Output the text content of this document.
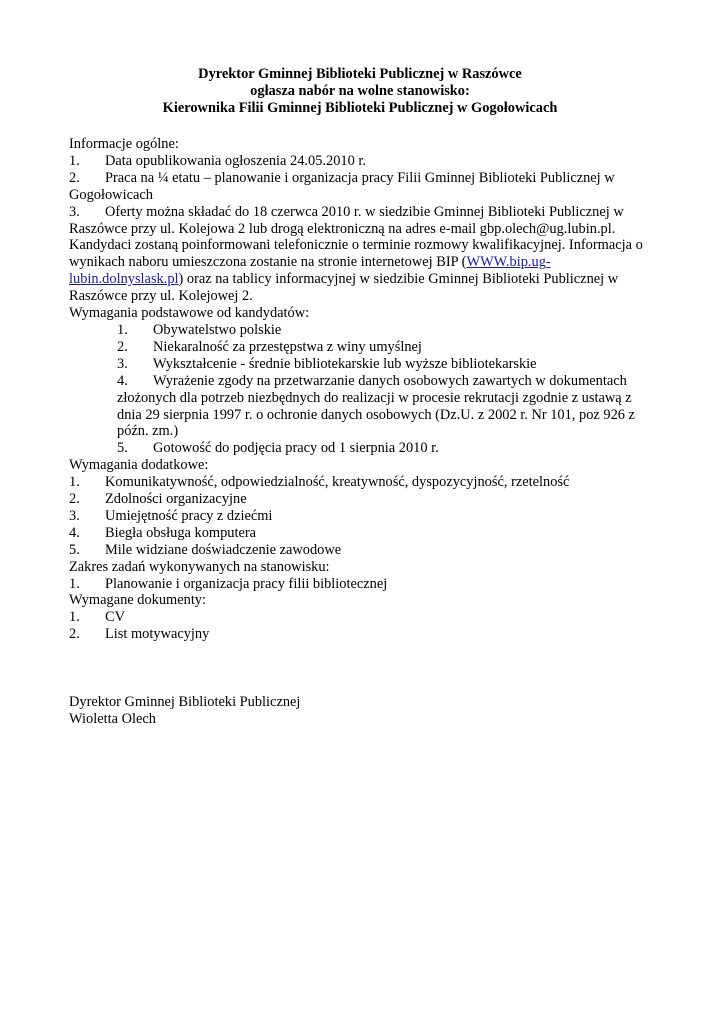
Dyrektor Gminnej Biblioteki Publicznej w Raszówce
ogłasza nabór na wolne stanowisko:
Kierownika Filii Gminnej Biblioteki Publicznej w Gogołowicach
Informacje ogólne:
1. Data opublikowania ogłoszenia 24.05.2010 r.
2. Praca na ¼ etatu – planowanie i organizacja pracy Filii Gminnej Biblioteki Publicznej w
Gogołowicach
3. Oferty można składać do 18 czerwca 2010 r. w siedzibie Gminnej Biblioteki Publicznej w
Raszówce przy ul. Kolejowa 2 lub drogą elektroniczną na adres e-mail gbp.olech@ug.lubin.pl.
Kandydaci zostaną poinformowani telefonicznie o terminie rozmowy kwalifikacyjnej. Informacja o
wynikach naboru umieszczona zostanie na stronie internetowej BIP (WWW.bip.ug-
lubin.dolnyslask.pl) oraz na tablicy informacyjnej w siedzibie Gminnej Biblioteki Publicznej w
Raszówce przy ul. Kolejowej 2.
Wymagania podstawowe od kandydatów:
1. Obywatelstwo polskie
2. Niekaralność za przestępstwa z winy umyślnej
3. Wykształcenie - średnie bibliotekarskie lub wyższe bibliotekarskie
4. Wyrażenie zgody na przetwarzanie danych osobowych zawartych w dokumentach
złożonych dla potrzeb niezbędnych do realizacji w procesie rekrutacji zgodnie z ustawą z
dnia 29 sierpnia 1997 r. o ochronie danych osobowych (Dz.U. z 2002 r. Nr 101, poz 926 z
późn. zm.)
5. Gotowość do podjęcia pracy od 1 sierpnia 2010 r.
Wymagania dodatkowe:
1. Komunikatywność, odpowiedzialność, kreatywność, dyspozycyjność, rzetelność
2. Zdolności organizacyjne
3. Umiejętność pracy z dziećmi
4. Biegła obsługa komputera
5. Mile widziane doświadczenie zawodowe
Zakres zadań wykonywanych na stanowisku:
1. Planowanie i organizacja pracy filii bibliotecznej
Wymagane dokumenty:
1. CV
2. List motywacyjny
Dyrektor Gminnej Biblioteki Publicznej
Wioletta Olech
